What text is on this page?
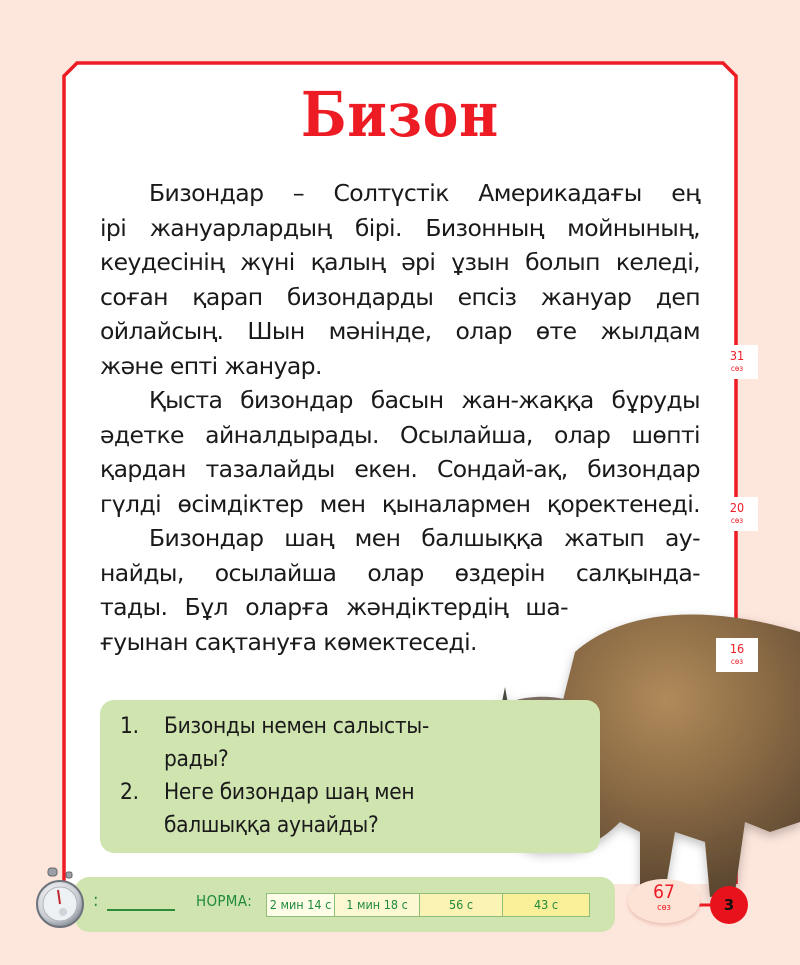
Бизон
Бизондар – Солтүстік Америкадағы ең
ірі жануарлардың бірі. Бизонның мойнының,
кеудесінің жүні қалың әрі ұзын болып келеді,
соған қарап бизондарды епсіз жануар деп
ойлайсың. Шын мәнінде, олар өте жылдам
және епті жануар.
Қыста бизондар басын жан-жаққа бұруды
әдетке айналдырады. Осылайша, олар шөпті
қардан тазалайды екен. Сондай-ақ, бизондар
гүлді өсімдіктер мен қыналармен қоректенеді.
Бизондар шаң мен балшыққа жатып ау-
найды, осылайша олар өздерін салқында-
тады. Бұл оларға жәндіктердің ша-
ғуынан сақтануға көмектеседі.
31
сөз
20
сөз
16
сөз
1.	Бизонды немен салысты-
рады?
2.	Неге бизондар шаң мен
балшыққа аунайды?
:	НОРМА: 2 мин 14 с	1 мин 18 с	56 с	43 с
67
сөз	3
